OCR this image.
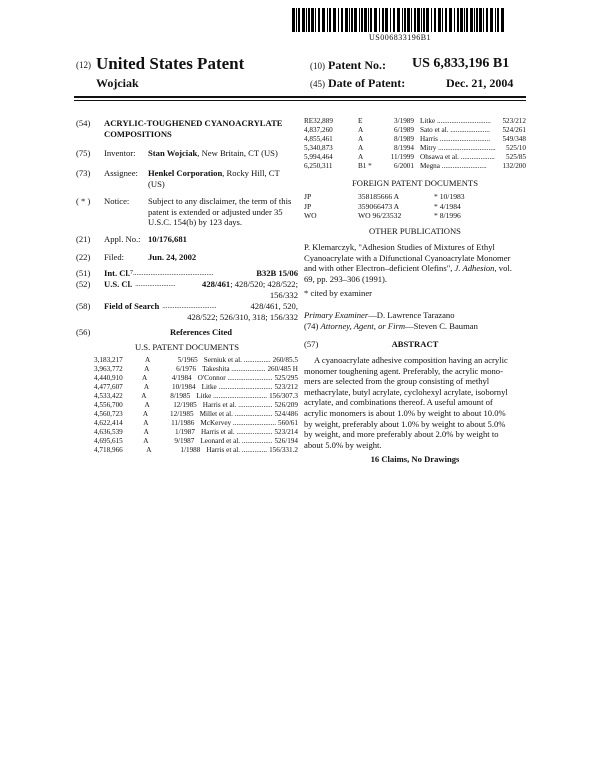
US006833196B1
(12) United States Patent
Wojciak
(10) Patent No.: US 6,833,196 B1
(45) Date of Patent:	Dec. 21, 2004
(54)	ACRYLIC-TOUGHENED CYANOACRYLATE
COMPOSITIONS
(75)	Inventor:	Stan Wojciak, New Britain, CT (US)
(73)	Assignee:	Henkel Corporation, Rocky Hill, CT
(US)
( * )	Notice:	Subject to any disclaimer, the term of this
patent is extended or adjusted under 35
U.S.C. 154(b) by 123 days.
(21)	Appl. No.: 10/176,681
(22)	Filed:	Jun. 24, 2002
(51)	Int. Cl. 7 ..............................................	B32B 15/06
(52)	U.S. Cl. .......................	428/461 ; 428/520; 428/522;
156/332
(58)	Field of Search ...............................	428/461, 520,
428/522; 526/310, 318; 156/332
(56)	References Cited
U.S. PATENT DOCUMENTS
3,183,217	A	5/1965 Serniuk et al. ............... 260/85.5
3,963,772	A	6/1976 Takeshita ................... 260/485 H
4,440,910	A	4/1984 O'Connor ......................... 525/295
4,477,607	A	10/1984 Litke .............................. 523/212
4,533,422	A	8/1985 Litke .............................. 156/307.3
4,556,700	A	12/1985 Harris et al. ................... 526/209
4,560,723	A	12/1985 Millet et al. ..................... 524/486
4,622,414	A	11/1986 McKervey ........................ 560/61
4,636,539	A	1/1987 Harris et al. .................... 523/214
4,695,615	A	9/1987 Leonard et al. ................. 526/194
4,718,966	A	1/1988 Harris et al. .............. 156/331.2
RE32,889	E	3/1989 Litke ..............................	523/212
4,837,260	A	6/1989 Sato et al. ......................	524/261
4,855,461	A	8/1989 Harris ............................	549/348
5,340,873	A	8/1994 Mitry ................................	525/10
5,994,464	A	11/1999 Ohsawa et al. ...................	525/85
6,250,311	B1 *	6/2001 Megna .........................	132/200
FOREIGN PATENT DOCUMENTS
JP	358185666 A	* 10/1983
JP	359066473 A	* 4/1984
WO	WO 96/23532	* 8/1996
OTHER PUBLICATIONS
P. Klemarczyk, "Adhesion Studies of Mixtures of Ethyl
Cyanoacrylate with a Difunctional Cyanoacrylate Monomer
and with other Electron–deficient Olefins", J. Adhesion, vol.
69, pp. 293–306 (1991).
* cited by examiner
Primary Examiner—D. Lawrence Tarazano
(74) Attorney, Agent, or Firm—Steven C. Bauman
(57)	ABSTRACT
A cyanoacrylate adhesive composition having an acrylic
monomer toughening agent. Preferably, the acrylic mono-
mers are selected from the group consisting of methyl
methacrylate, butyl acrylate, cyclohexyl acrylate, isobornyl
acrylate, and combinations thereof. A useful amount of
acrylic monomers is about 1.0% by weight to about 10.0%
by weight, preferably about 1.0% by weight to about 5.0%
by weight, and more preferably about 2.0% by weight to
about 5.0% by weight.
16 Claims, No Drawings
